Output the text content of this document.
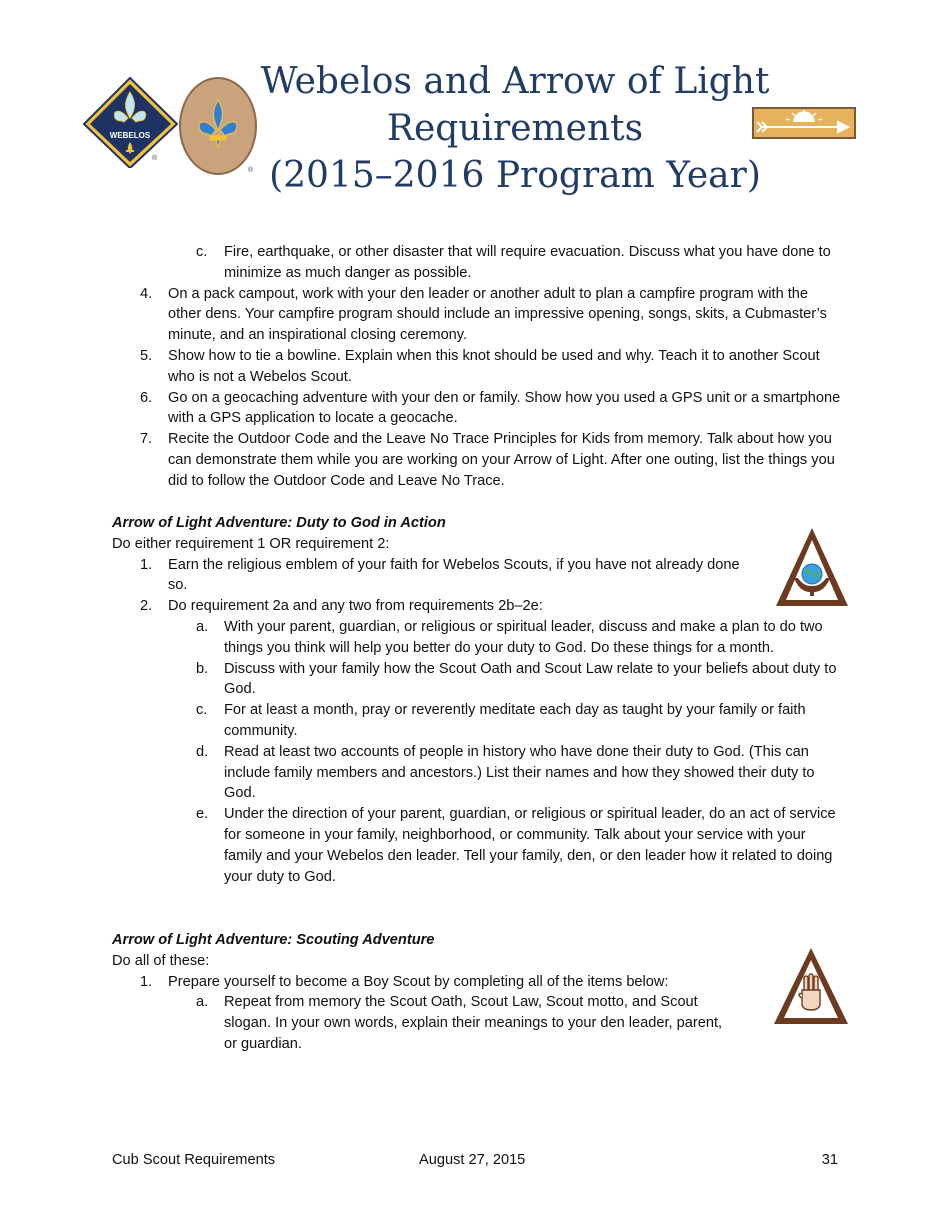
WEBELOS
®
®
Webelos and Arrow of Light
Requirements
(2015–2016 Program Year)
c. Fire, earthquake, or other disaster that will require evacuation. Discuss what you have done to minimize as much danger as possible.
4. On a pack campout, work with your den leader or another adult to plan a campfire program with the other dens. Your campfire program should include an impressive opening, songs, skits, a Cubmaster’s minute, and an inspirational closing ceremony.
5. Show how to tie a bowline. Explain when this knot should be used and why. Teach it to another Scout who is not a Webelos Scout.
6. Go on a geocaching adventure with your den or family. Show how you used a GPS unit or a smartphone with a GPS application to locate a geocache.
7. Recite the Outdoor Code and the Leave No Trace Principles for Kids from memory. Talk about how you can demonstrate them while you are working on your Arrow of Light. After one outing, list the things you did to follow the Outdoor Code and Leave No Trace.
Arrow of Light Adventure: Duty to God in Action
Do either requirement 1 OR requirement 2:
1. Earn the religious emblem of your faith for Webelos Scouts, if you have not already done so.
2. Do requirement 2a and any two from requirements 2b–2e:
a. With your parent, guardian, or religious or spiritual leader, discuss and make a plan to do two things you think will help you better do your duty to God. Do these things for a month.
b. Discuss with your family how the Scout Oath and Scout Law relate to your beliefs about duty to God.
c. For at least a month, pray or reverently meditate each day as taught by your family or faith community.
d. Read at least two accounts of people in history who have done their duty to God. (This can include family members and ancestors.) List their names and how they showed their duty to God.
e. Under the direction of your parent, guardian, or religious or spiritual leader, do an act of service for someone in your family, neighborhood, or community. Talk about your service with your family and your Webelos den leader. Tell your family, den, or den leader how it related to doing your duty to God.
Arrow of Light Adventure: Scouting Adventure
Do all of these:
1. Prepare yourself to become a Boy Scout by completing all of the items below:
a. Repeat from memory the Scout Oath, Scout Law, Scout motto, and Scout slogan. In your own words, explain their meanings to your den leader, parent, or guardian.
Cub Scout Requirements	August 27, 2015	31
